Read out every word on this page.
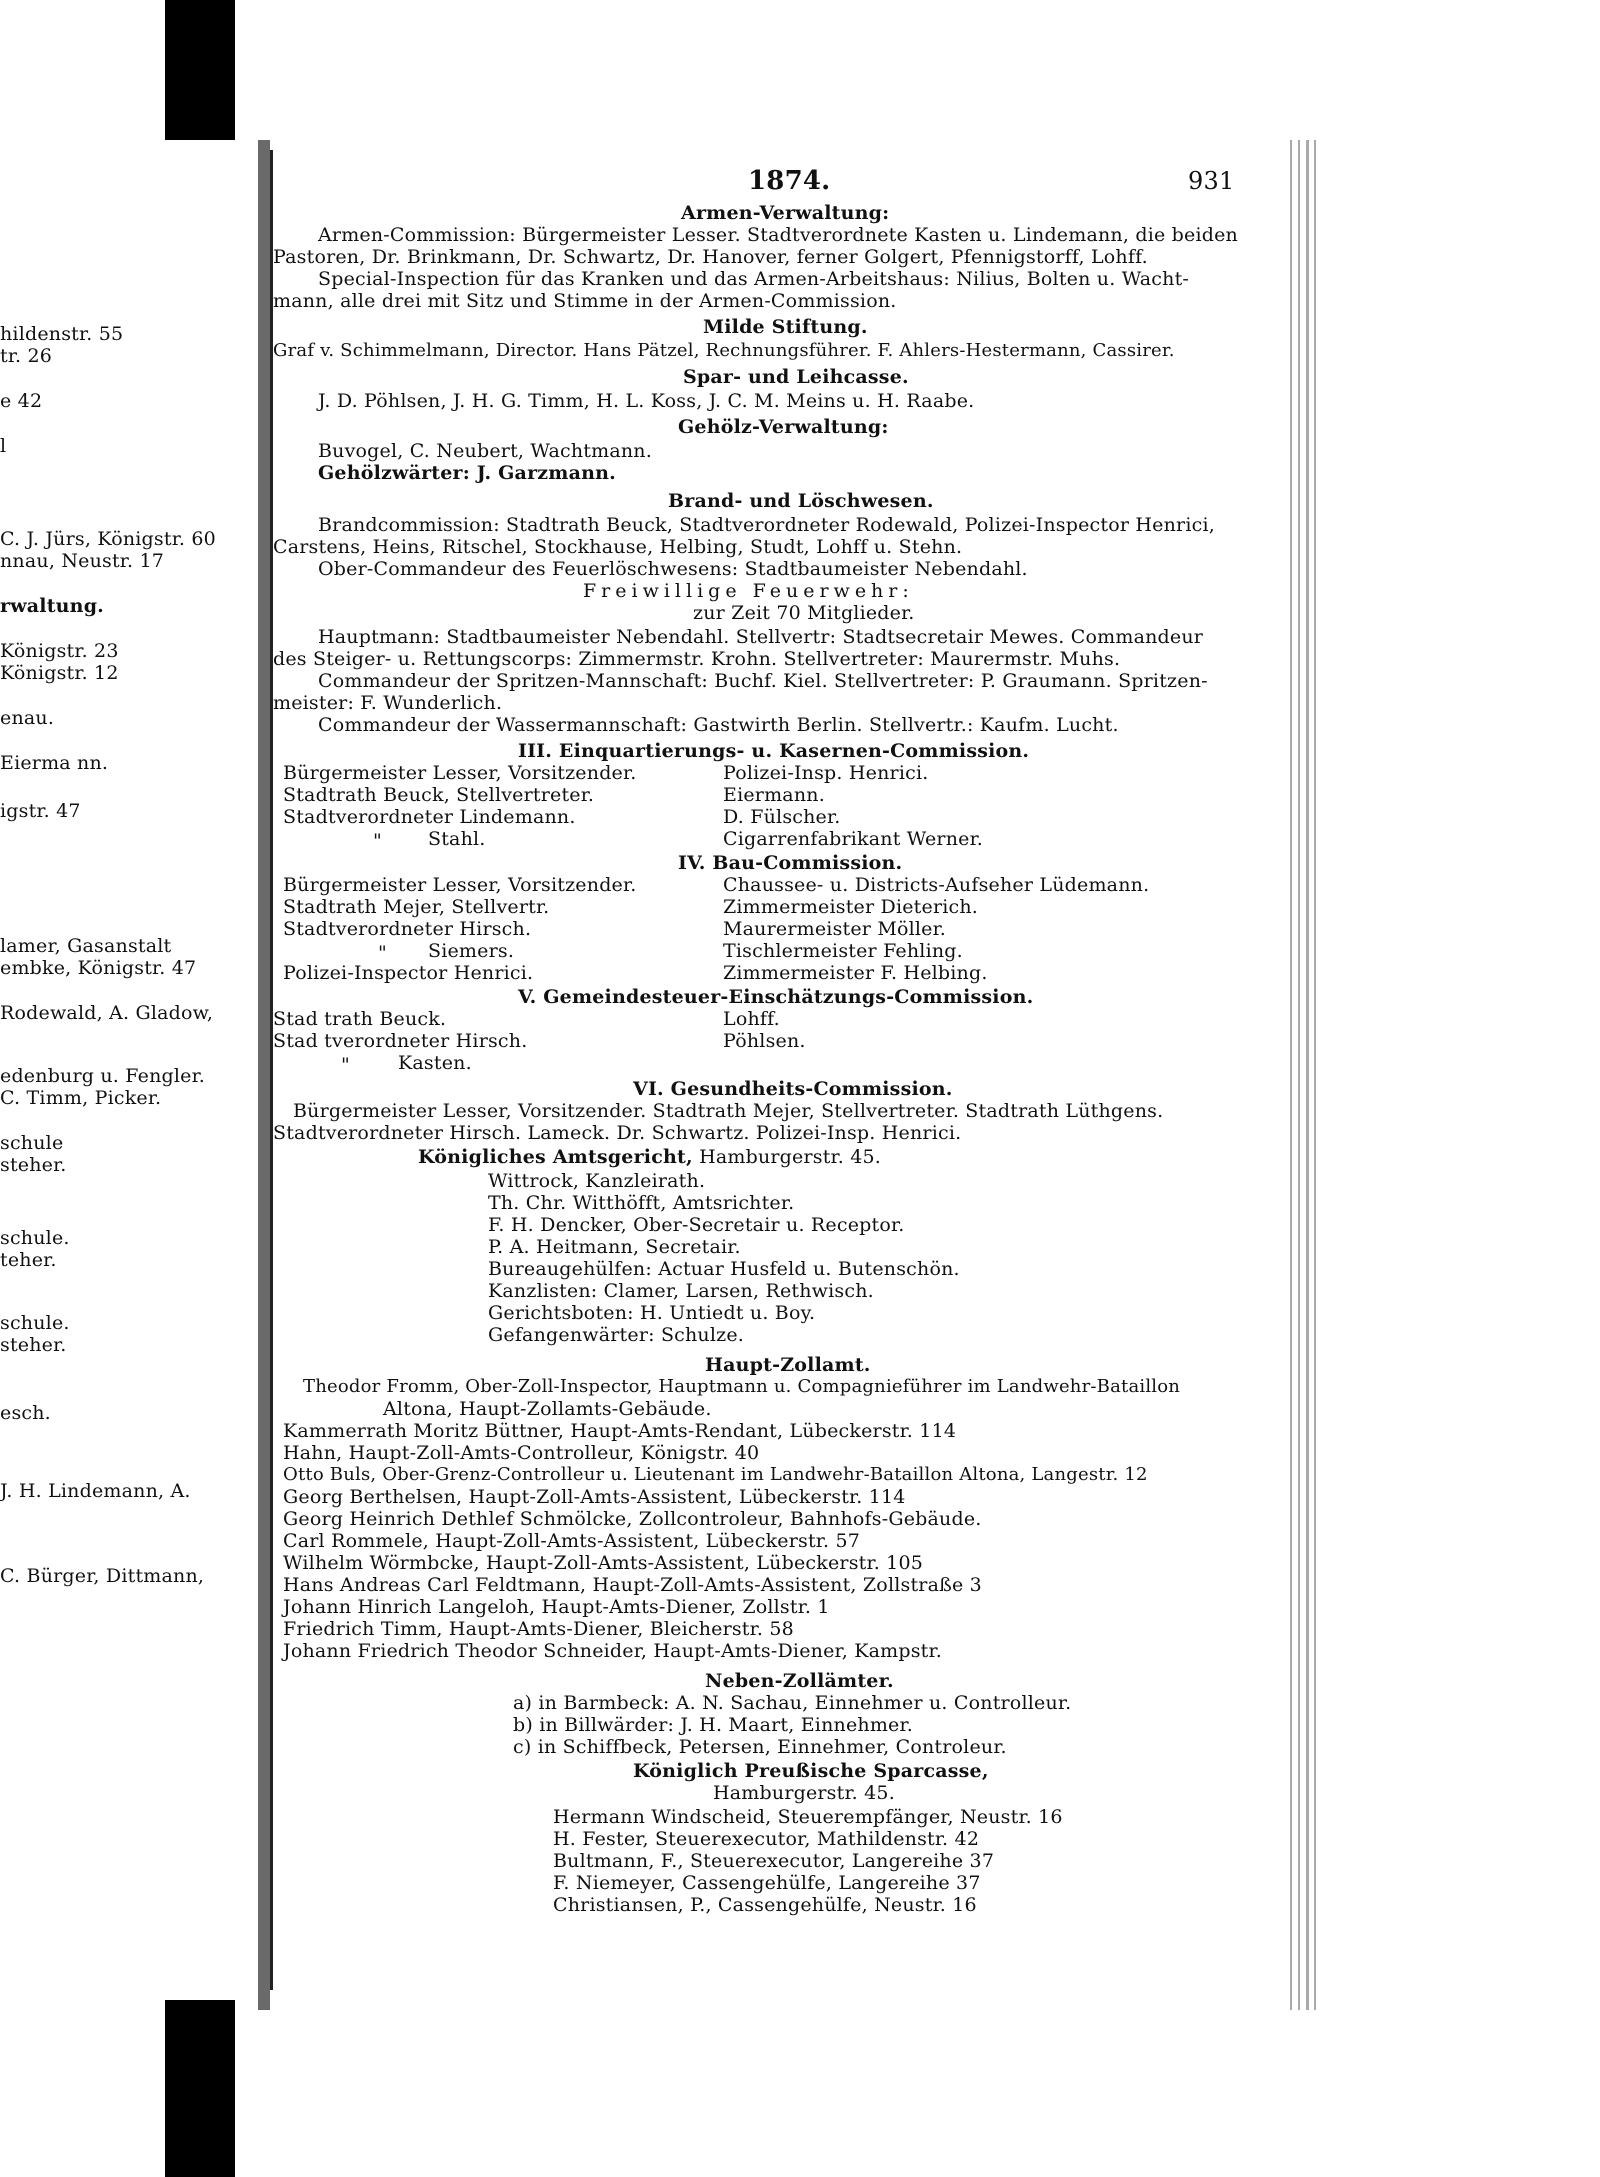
hildenstr. 55
tr. 26
e 42
l
C. J. Jürs, Königstr. 60
nnau, Neustr. 17
rwaltung.
Königstr. 23
Königstr. 12
enau.
Eierma nn.
igstr. 47
lamer, Gasanstalt
embke, Königstr. 47
Rodewald, A. Gladow,
edenburg u. Fengler.
C. Timm, Picker.
schule
steher.
schule.
teher.
schule.
steher.
esch.
J. H. Lindemann, A.
C. Bürger, Dittmann,
1874.	931
Armen-Verwaltung:
Armen-Commission: Bürgermeister Lesser. Stadtverordnete Kasten u. Lindemann, die beiden
Pastoren, Dr. Brinkmann, Dr. Schwartz, Dr. Hanover, ferner Golgert, Pfennigstorff, Lohff.
Special-Inspection für das Kranken und das Armen-Arbeitshaus: Nilius, Bolten u. Wacht-
mann, alle drei mit Sitz und Stimme in der Armen-Commission.
Milde Stiftung.
Graf v. Schimmelmann, Director. Hans Pätzel, Rechnungsführer. F. Ahlers-Hestermann, Cassirer.
Spar- und Leihcasse.
J. D. Pöhlsen, J. H. G. Timm, H. L. Koss, J. C. M. Meins u. H. Raabe.
Gehölz-Verwaltung:
Buvogel, C. Neubert, Wachtmann.
Gehölzwärter: J. Garzmann.
Brand- und Löschwesen.
Brandcommission: Stadtrath Beuck, Stadtverordneter Rodewald, Polizei-Inspector Henrici,
Carstens, Heins, Ritschel, Stockhause, Helbing, Studt, Lohff u. Stehn.
Ober-Commandeur des Feuerlöschwesens: Stadtbaumeister Nebendahl.
Freiwillige Feuerwehr:
zur Zeit 70 Mitglieder.
Hauptmann: Stadtbaumeister Nebendahl. Stellvertr: Stadtsecretair Mewes. Commandeur
des Steiger- u. Rettungscorps: Zimmermstr. Krohn. Stellvertreter: Maurermstr. Muhs.
Commandeur der Spritzen-Mannschaft: Buchf. Kiel. Stellvertreter: P. Graumann. Spritzen-
meister: F. Wunderlich.
Commandeur der Wassermannschaft: Gastwirth Berlin. Stellvertr.: Kaufm. Lucht.
III. Einquartierungs- u. Kasernen-Commission.
Bürgermeister Lesser, Vorsitzender.
Stadtrath Beuck, Stellvertreter.
Stadtverordneter Lindemann.
" Stahl.
Polizei-Insp. Henrici.
Eiermann.
D. Fülscher.
Cigarrenfabrikant Werner.
IV. Bau-Commission.
Bürgermeister Lesser, Vorsitzender.
Stadtrath Mejer, Stellvertr.
Stadtverordneter Hirsch.
" Siemers.
Polizei-Inspector Henrici.
Chaussee- u. Districts-Aufseher Lüdemann.
Zimmermeister Dieterich.
Maurermeister Möller.
Tischlermeister Fehling.
Zimmermeister F. Helbing.
V. Gemeindesteuer-Einschätzungs-Commission.
Stad trath Beuck.
Stad tverordneter Hirsch.
"	Kasten.
Lohff.
Pöhlsen.
VI. Gesundheits-Commission.
Bürgermeister Lesser, Vorsitzender. Stadtrath Mejer, Stellvertreter. Stadtrath Lüthgens.
Stadtverordneter Hirsch. Lameck. Dr. Schwartz. Polizei-Insp. Henrici.
Königliches Amtsgericht, Hamburgerstr. 45.
Wittrock, Kanzleirath.
Th. Chr. Witthöfft, Amtsrichter.
F. H. Dencker, Ober-Secretair u. Receptor.
P. A. Heitmann, Secretair.
Bureaugehülfen: Actuar Husfeld u. Butenschön.
Kanzlisten: Clamer, Larsen, Rethwisch.
Gerichtsboten: H. Untiedt u. Boy.
Gefangenwärter: Schulze.
Haupt-Zollamt.
Theodor Fromm, Ober-Zoll-Inspector, Hauptmann u. Compagnieführer im Landwehr-Bataillon
Altona, Haupt-Zollamts-Gebäude.
Kammerrath Moritz Büttner, Haupt-Amts-Rendant, Lübeckerstr. 114
Hahn, Haupt-Zoll-Amts-Controlleur, Königstr. 40
Otto Buls, Ober-Grenz-Controlleur u. Lieutenant im Landwehr-Bataillon Altona, Langestr. 12
Georg Berthelsen, Haupt-Zoll-Amts-Assistent, Lübeckerstr. 114
Georg Heinrich Dethlef Schmölcke, Zollcontroleur, Bahnhofs-Gebäude.
Carl Rommele, Haupt-Zoll-Amts-Assistent, Lübeckerstr. 57
Wilhelm Wörmbcke, Haupt-Zoll-Amts-Assistent, Lübeckerstr. 105
Hans Andreas Carl Feldtmann, Haupt-Zoll-Amts-Assistent, Zollstraße 3
Johann Hinrich Langeloh, Haupt-Amts-Diener, Zollstr. 1
Friedrich Timm, Haupt-Amts-Diener, Bleicherstr. 58
Johann Friedrich Theodor Schneider, Haupt-Amts-Diener, Kampstr.
Neben-Zollämter.
a) in Barmbeck: A. N. Sachau, Einnehmer u. Controlleur.
b) in Billwärder: J. H. Maart, Einnehmer.
c) in Schiffbeck, Petersen, Einnehmer, Controleur.
Königlich Preußische Sparcasse,
Hamburgerstr. 45.
Hermann Windscheid, Steuerempfänger, Neustr. 16
H. Fester, Steuerexecutor, Mathildenstr. 42
Bultmann, F., Steuerexecutor, Langereihe 37
F. Niemeyer, Cassengehülfe, Langereihe 37
Christiansen, P., Cassengehülfe, Neustr. 16
